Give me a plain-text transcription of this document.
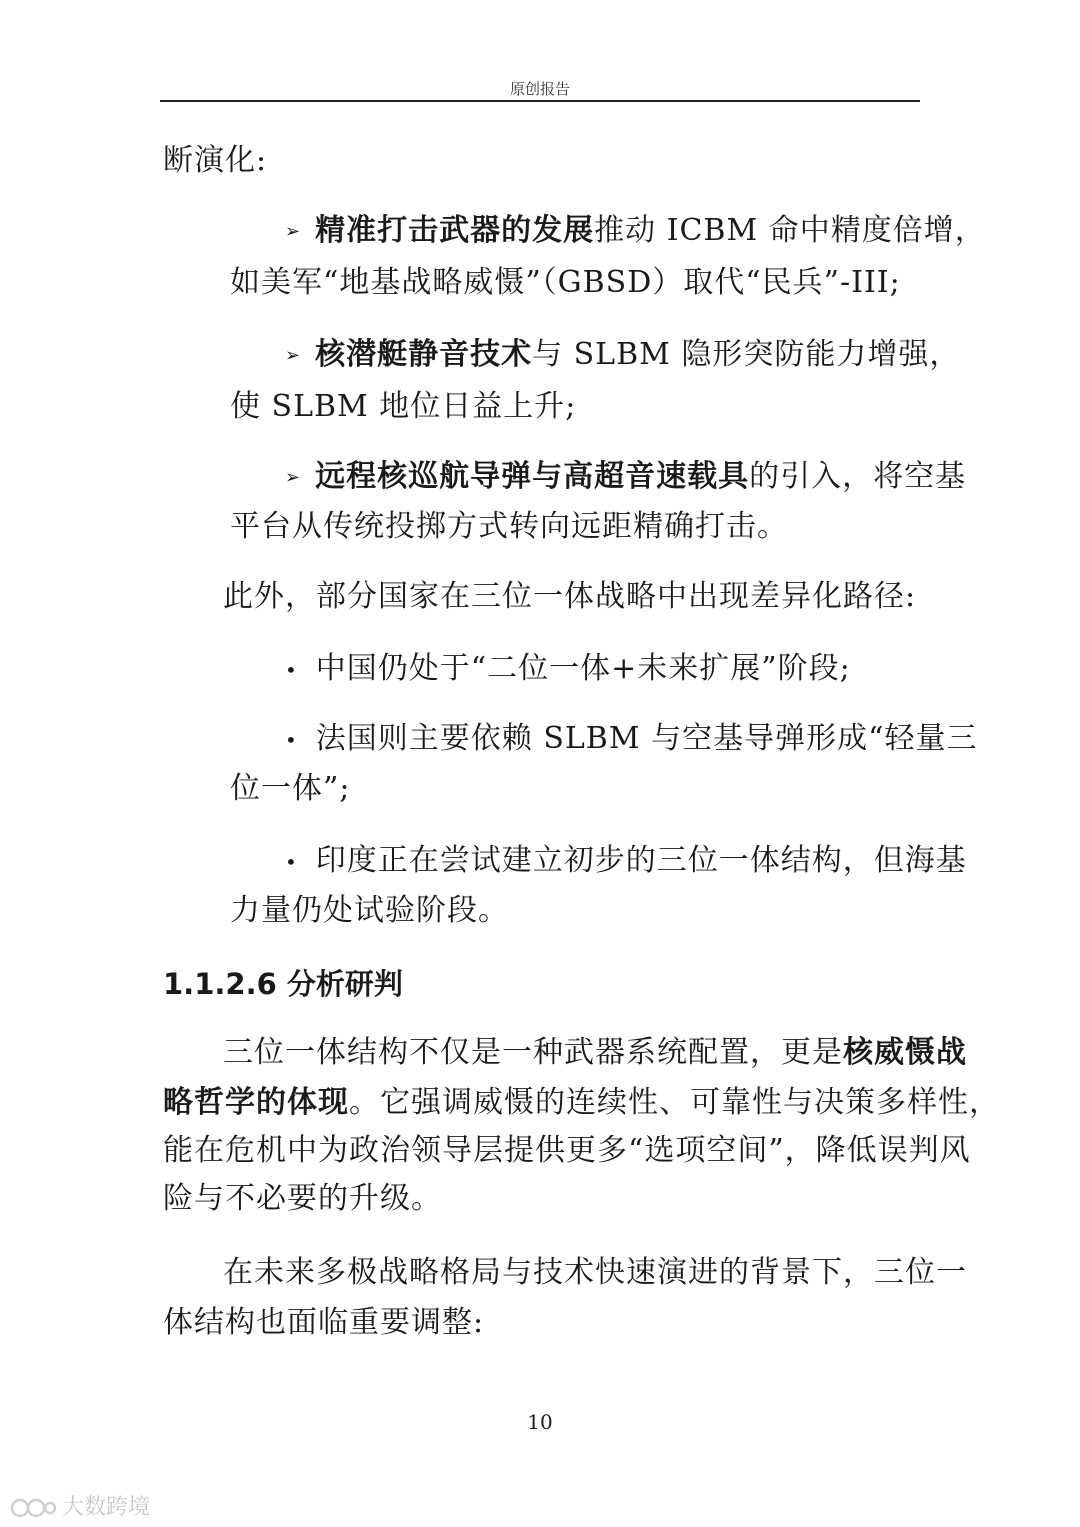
原创报告
断演化:
➢ 精准打击武器的发展推动 ICBM 命中精度倍增，
如美军“地基战略威慑”（GBSD）取代“民兵”-III;
➢ 核潜艇静音技术与 SLBM 隐形突防能力增强，
使 SLBM 地位日益上升;
➢ 远程核巡航导弹与高超音速载具的引入，将空基
平台从传统投掷方式转向远距精确打击。
此外，部分国家在三位一体战略中出现差异化路径:
• 中国仍处于“二位一体+未来扩展”阶段;
• 法国则主要依赖 SLBM 与空基导弹形成“轻量三
位一体”;
• 印度正在尝试建立初步的三位一体结构，但海基
力量仍处试验阶段。
1.1.2.6 分析研判
三位一体结构不仅是一种武器系统配置，更是核威慑战
略哲学的体现。它强调威慑的连续性、可靠性与决策多样性，
能在危机中为政治领导层提供更多“选项空间”，降低误判风
险与不必要的升级。
在未来多极战略格局与技术快速演进的背景下，三位一
体结构也面临重要调整:
10
大数跨境
